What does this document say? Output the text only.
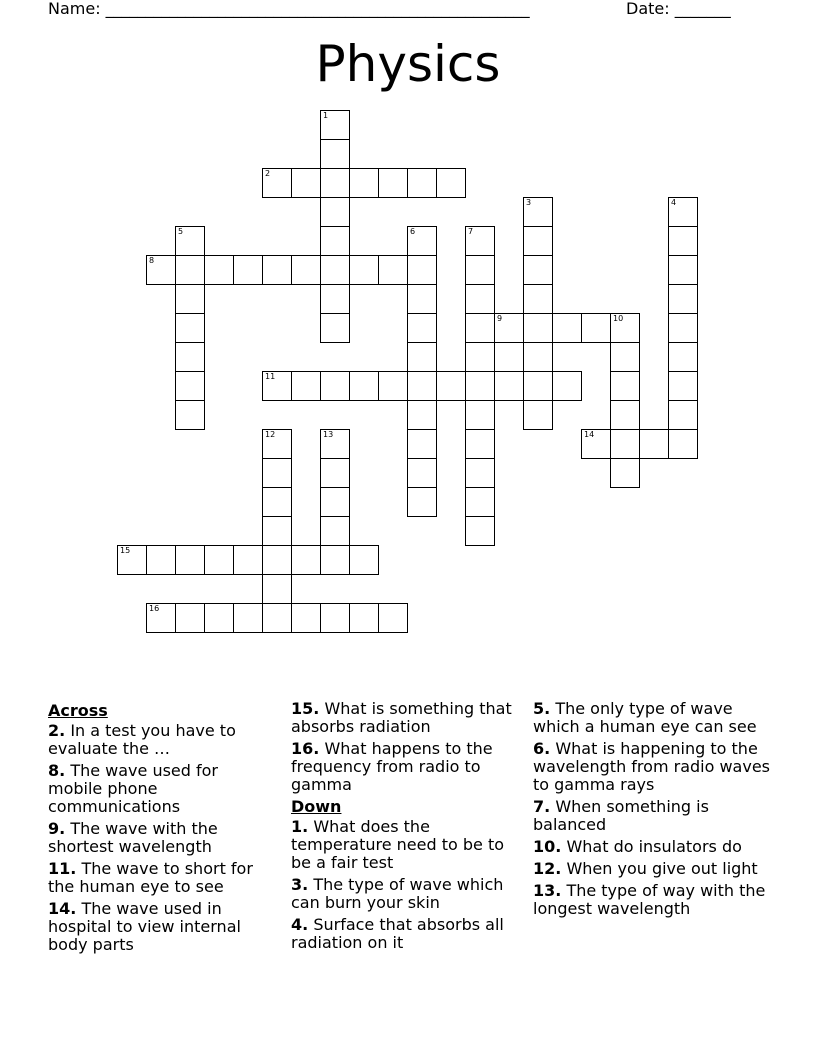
Name: _____________________________________________________	Date: _______
Physics
1
2
3	4
5	6	7
8
9	10
11
12	13	14
15
16
Across
2. In a test you have to evaluate the …
8. The wave used for mobile phone communications
9. The wave with the shortest wavelength
11. The wave to short for the human eye to see
14. The wave used in hospital to view internal body parts
15. What is something that absorbs radiation
16. What happens to the frequency from radio to gamma
Down
1. What does the temperature need to be to be a fair test
3. The type of wave which can burn your skin
4. Surface that absorbs all radiation on it
5. The only type of wave which a human eye can see
6. What is happening to the wavelength from radio waves to gamma rays
7. When something is balanced
10. What do insulators do
12. When you give out light
13. The type of way with the longest wavelength
